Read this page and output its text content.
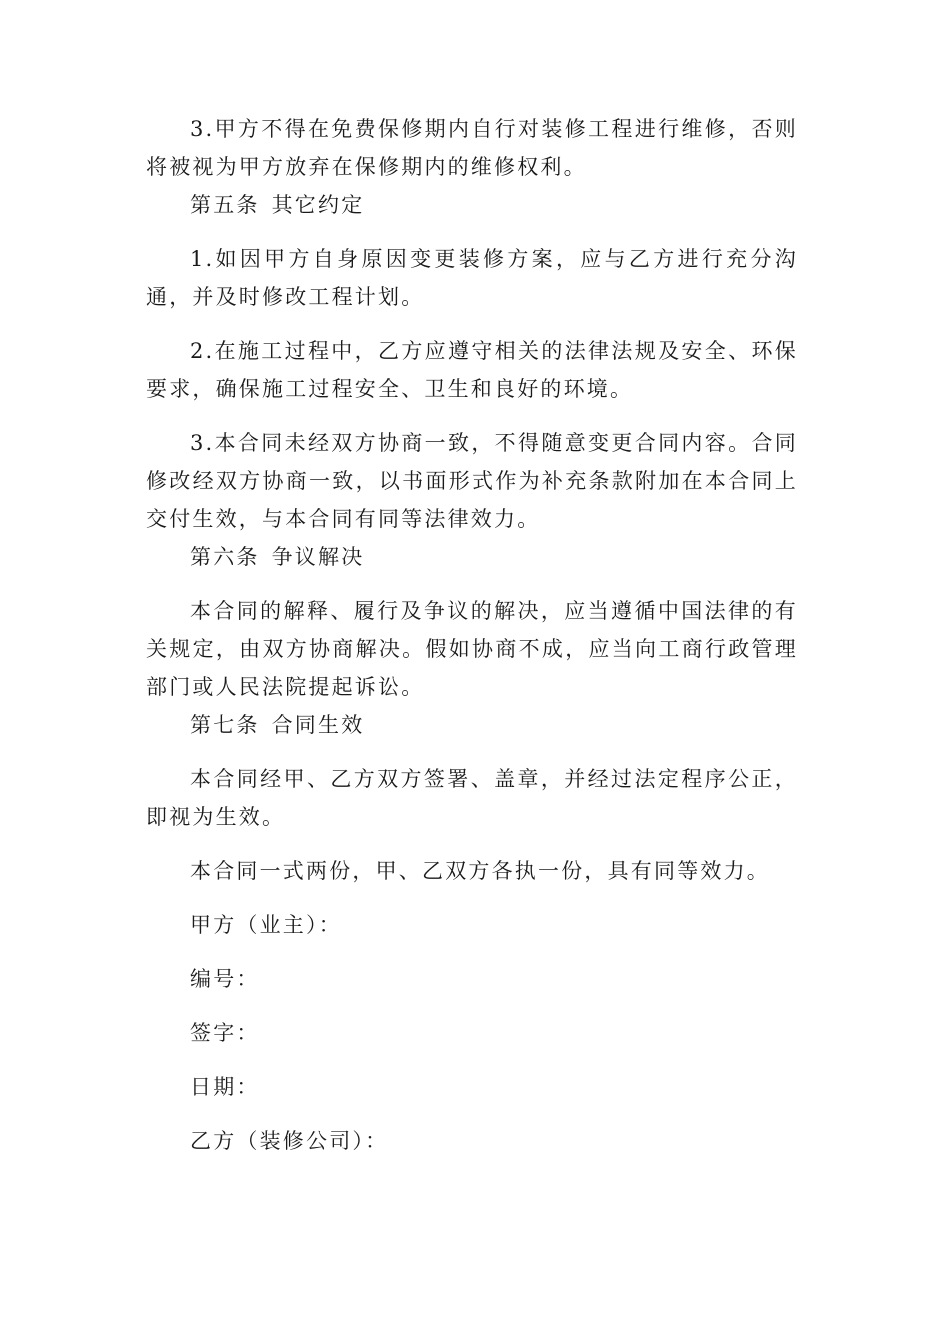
3.甲方不得在免费保修期内自行对装修工程进行维修，否则将被视为甲方放弃在保修期内的维修权利。

第五条 其它约定

1.如因甲方自身原因变更装修方案，应与乙方进行充分沟通，并及时修改工程计划。

2.在施工过程中，乙方应遵守相关的法律法规及安全、环保要求，确保施工过程安全、卫生和良好的环境。

3.本合同未经双方协商一致，不得随意变更合同内容。合同修改经双方协商一致，以书面形式作为补充条款附加在本合同上交付生效，与本合同有同等法律效力。

第六条 争议解决

本合同的解释、履行及争议的解决，应当遵循中国法律的有关规定，由双方协商解决。假如协商不成，应当向工商行政管理部门或人民法院提起诉讼。

第七条 合同生效

本合同经甲、乙方双方签署、盖章，并经过法定程序公正，即视为生效。

本合同一式两份，甲、乙双方各执一份，具有同等效力。

甲方（业主）：

编号：

签字：

日期：

乙方（装修公司）：
